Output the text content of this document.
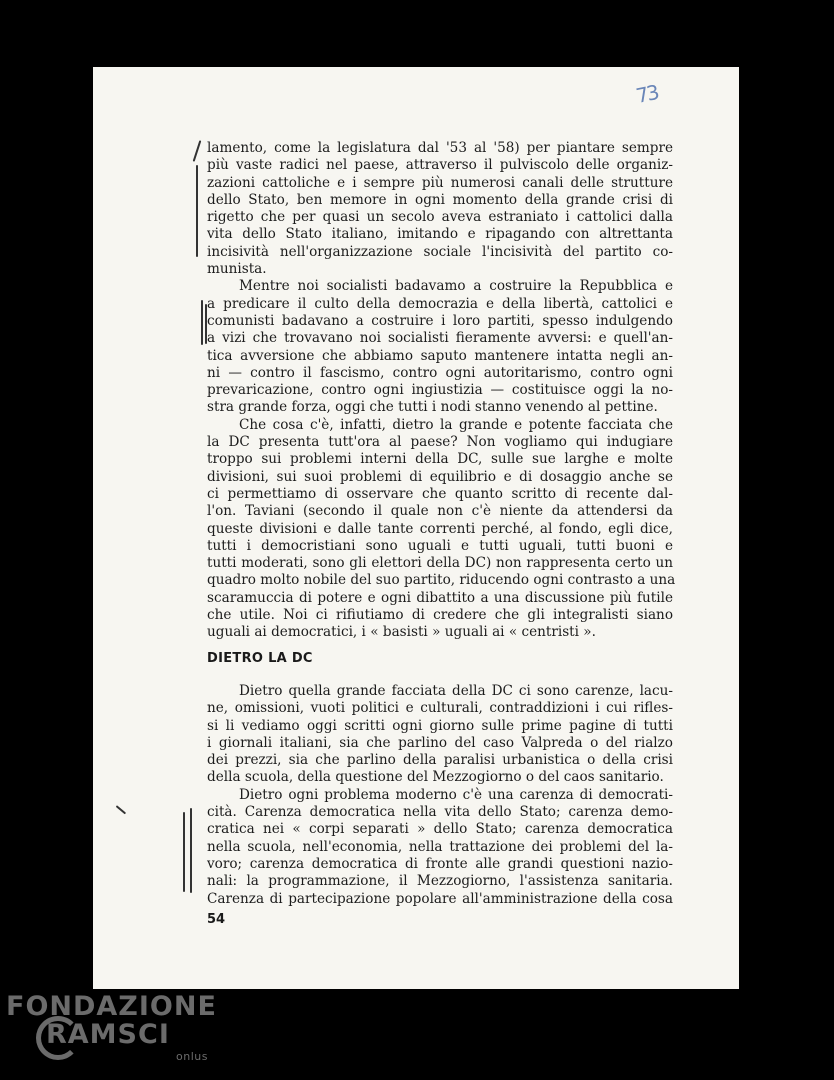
73
lamento, come la legislatura dal '53 al '58) per piantare sempre
più vaste radici nel paese, attraverso il pulviscolo delle organiz-
zazioni cattoliche e i sempre più numerosi canali delle strutture
dello Stato, ben memore in ogni momento della grande crisi di
rigetto che per quasi un secolo aveva estraniato i cattolici dalla
vita dello Stato italiano, imitando e ripagando con altrettanta
incisività nell'organizzazione sociale l'incisività del partito co-
munista.
Mentre noi socialisti badavamo a costruire la Repubblica e
a predicare il culto della democrazia e della libertà, cattolici e
comunisti badavano a costruire i loro partiti, spesso indulgendo
a vizi che trovavano noi socialisti fieramente avversi: e quell'an-
tica avversione che abbiamo saputo mantenere intatta negli an-
ni — contro il fascismo, contro ogni autoritarismo, contro ogni
prevaricazione, contro ogni ingiustizia — costituisce oggi la no-
stra grande forza, oggi che tutti i nodi stanno venendo al pettine.
Che cosa c'è, infatti, dietro la grande e potente facciata che
la DC presenta tutt'ora al paese? Non vogliamo qui indugiare
troppo sui problemi interni della DC, sulle sue larghe e molte
divisioni, sui suoi problemi di equilibrio e di dosaggio anche se
ci permettiamo di osservare che quanto scritto di recente dal-
l'on. Taviani (secondo il quale non c'è niente da attendersi da
queste divisioni e dalle tante correnti perché, al fondo, egli dice,
tutti i democristiani sono uguali e tutti uguali, tutti buoni e
tutti moderati, sono gli elettori della DC) non rappresenta certo un
quadro molto nobile del suo partito, riducendo ogni contrasto a una
scaramuccia di potere e ogni dibattito a una discussione più futile
che utile. Noi ci rifiutiamo di credere che gli integralisti siano
uguali ai democratici, i « basisti » uguali ai « centristi ».
DIETRO LA DC
Dietro quella grande facciata della DC ci sono carenze, lacu-
ne, omissioni, vuoti politici e culturali, contraddizioni i cui rifles-
si li vediamo oggi scritti ogni giorno sulle prime pagine di tutti
i giornali italiani, sia che parlino del caso Valpreda o del rialzo
dei prezzi, sia che parlino della paralisi urbanistica o della crisi
della scuola, della questione del Mezzogiorno o del caos sanitario.
Dietro ogni problema moderno c'è una carenza di democrati-
cità. Carenza democratica nella vita dello Stato; carenza demo-
cratica nei « corpi separati » dello Stato; carenza democratica
nella scuola, nell'economia, nella trattazione dei problemi del la-
voro; carenza democratica di fronte alle grandi questioni nazio-
nali: la programmazione, il Mezzogiorno, l'assistenza sanitaria.
Carenza di partecipazione popolare all'amministrazione della cosa
54
FONDAZIONE
RAMSCI
onlus
